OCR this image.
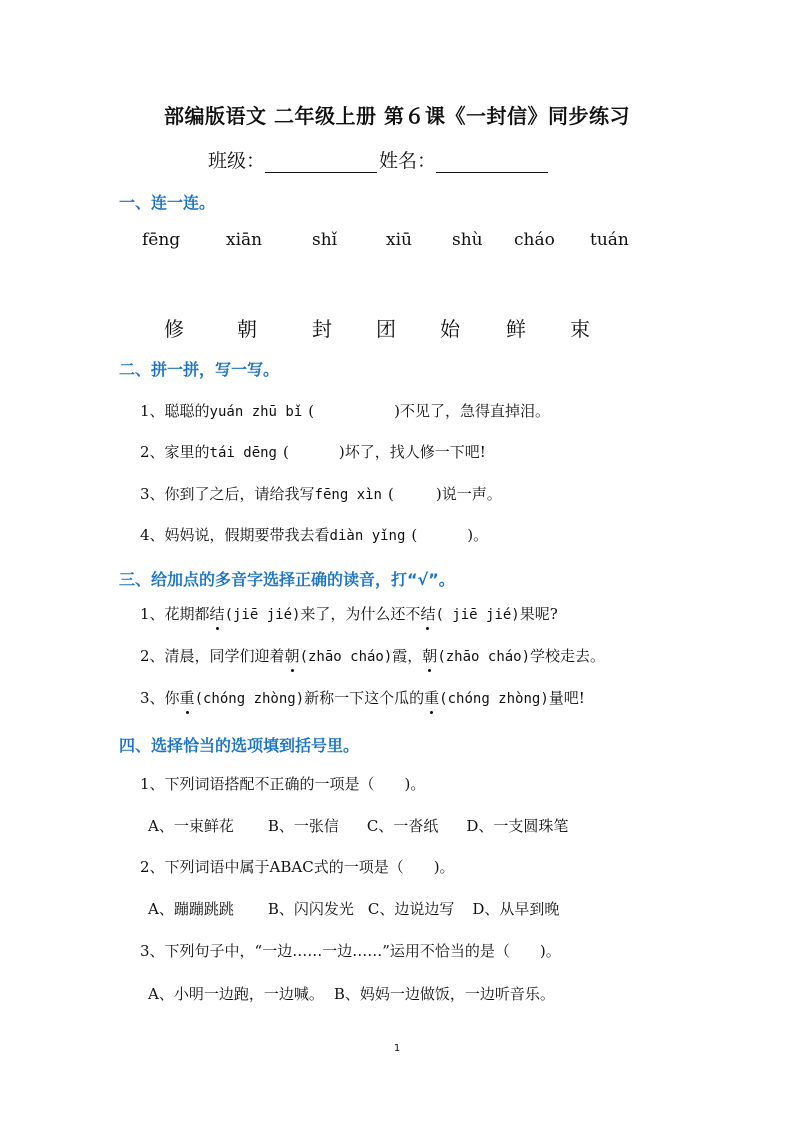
部编版语文 二年级上册 第６课《一封信》同步练习
班级：	姓名：
一、连一连。
fēng	xiān	shǐ	xiū shù cháo tuán
修	朝	封 团 始 鲜 束
二、拼一拼，写一写。
1、聪聪的yuán zhū bǐ (	)不见了，急得直掉泪。
2、家里的tái dēng (	)坏了，找人修一下吧!
3、你到了之后，请给我写fēng xìn (	)说一声。
4、妈妈说，假期要带我去看diàn yǐng (	)。
三、给加点的多音字选择正确的读音，打“√”。
1、花期都结(jiē jié)来了，为什么还不结( jiē jié)果呢?
2、清晨，同学们迎着朝(zhāo cháo)霞，朝(zhāo cháo)学校走去。
3、你重(chóng zhòng)新称一下这个瓜的重(chóng zhòng)量吧!
四、选择恰当的选项填到括号里。
1、下列词语搭配不正确的一项是（　　)。
A、一束鲜花 B、一张信 C、一沓纸 D、一支圆珠笔
2、下列词语中属于ABAC式的一项是（　　)。
A、蹦蹦跳跳 B、闪闪发光 C、边说边写 D、从早到晚
3、下列句子中，“一边……一边……”运用不恰当的是（　　)。
A、小明一边跑，一边喊。 B、妈妈一边做饭，一边听音乐。
1
